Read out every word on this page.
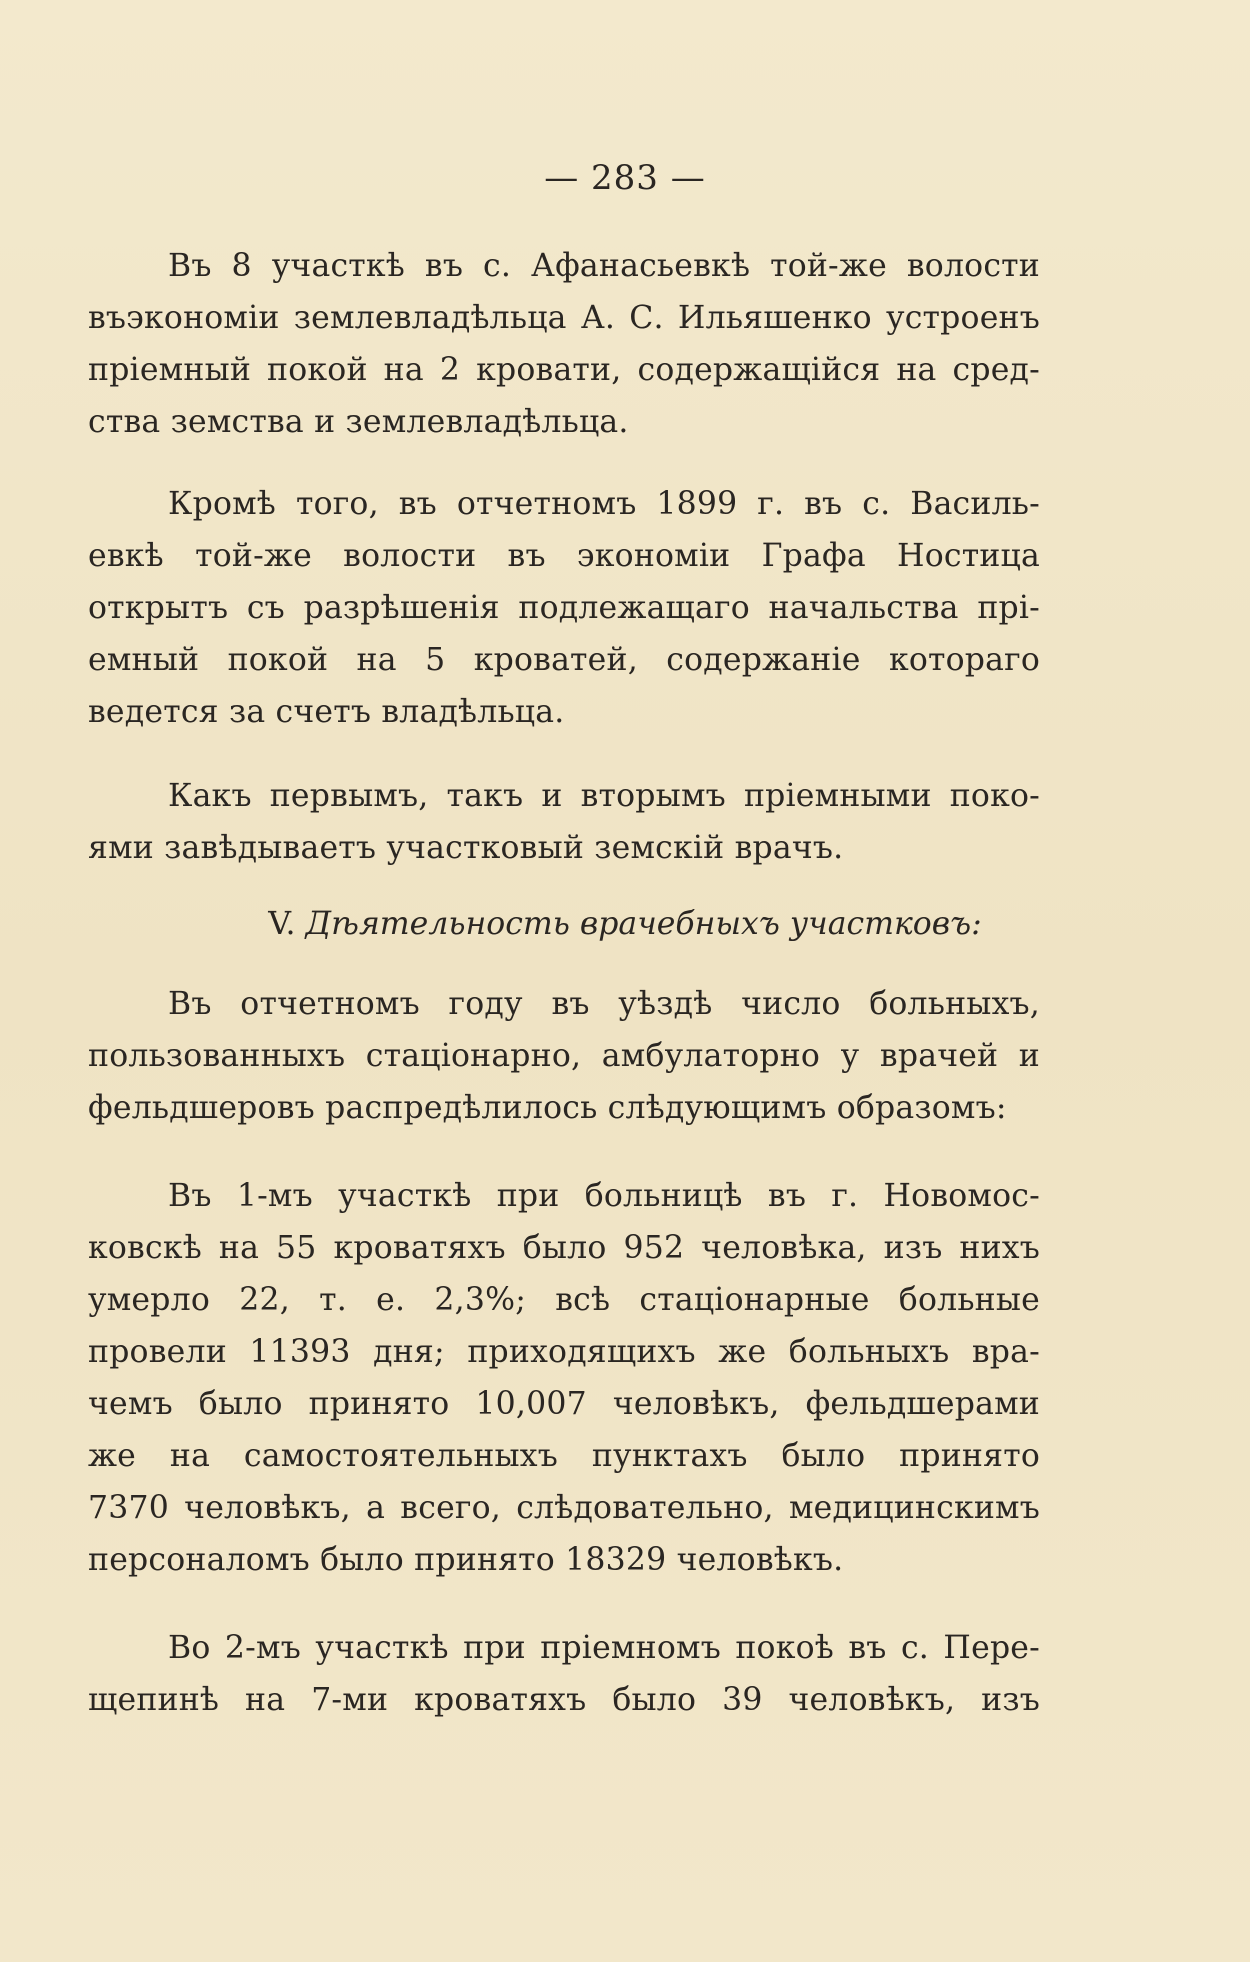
— 283 —
Въ 8 участкѣ въ с. Афанасьевкѣ той-же волости
въэкономіи землевладѣльца А. С. Ильяшенко устроенъ
пріемный покой на 2 кровати, содержащійся на сред-
ства земства и землевладѣльца.
Кромѣ того, въ отчетномъ 1899 г. въ с. Василь-
евкѣ той-же волости въ экономіи Графа Ностица
открытъ съ разрѣшенія подлежащаго начальства прі-
емный покой на 5 кроватей, содержаніе котораго
ведется за счетъ владѣльца.
Какъ первымъ, такъ и вторымъ пріемными поко-
ями завѣдываетъ участковый земскій врачъ.
V. Дѣятельность врачебныхъ участковъ:
Въ отчетномъ году въ уѣздѣ число больныхъ,
пользованныхъ стаціонарно, амбулаторно у врачей и
фельдшеровъ распредѣлилось слѣдующимъ образомъ:
Въ 1-мъ участкѣ при больницѣ въ г. Новомос-
ковскѣ на 55 кроватяхъ было 952 человѣка, изъ нихъ
умерло 22, т. е. 2,3%; всѣ стаціонарные больные
провели 11393 дня; приходящихъ же больныхъ вра-
чемъ было принято 10,007 человѣкъ, фельдшерами
же на самостоятельныхъ пунктахъ было принято
7370 человѣкъ, а всего, слѣдовательно, медицинскимъ
персоналомъ было принято 18329 человѣкъ.
Во 2-мъ участкѣ при пріемномъ покоѣ въ с. Пере-
щепинѣ на 7-ми кроватяхъ было 39 человѣкъ, изъ
